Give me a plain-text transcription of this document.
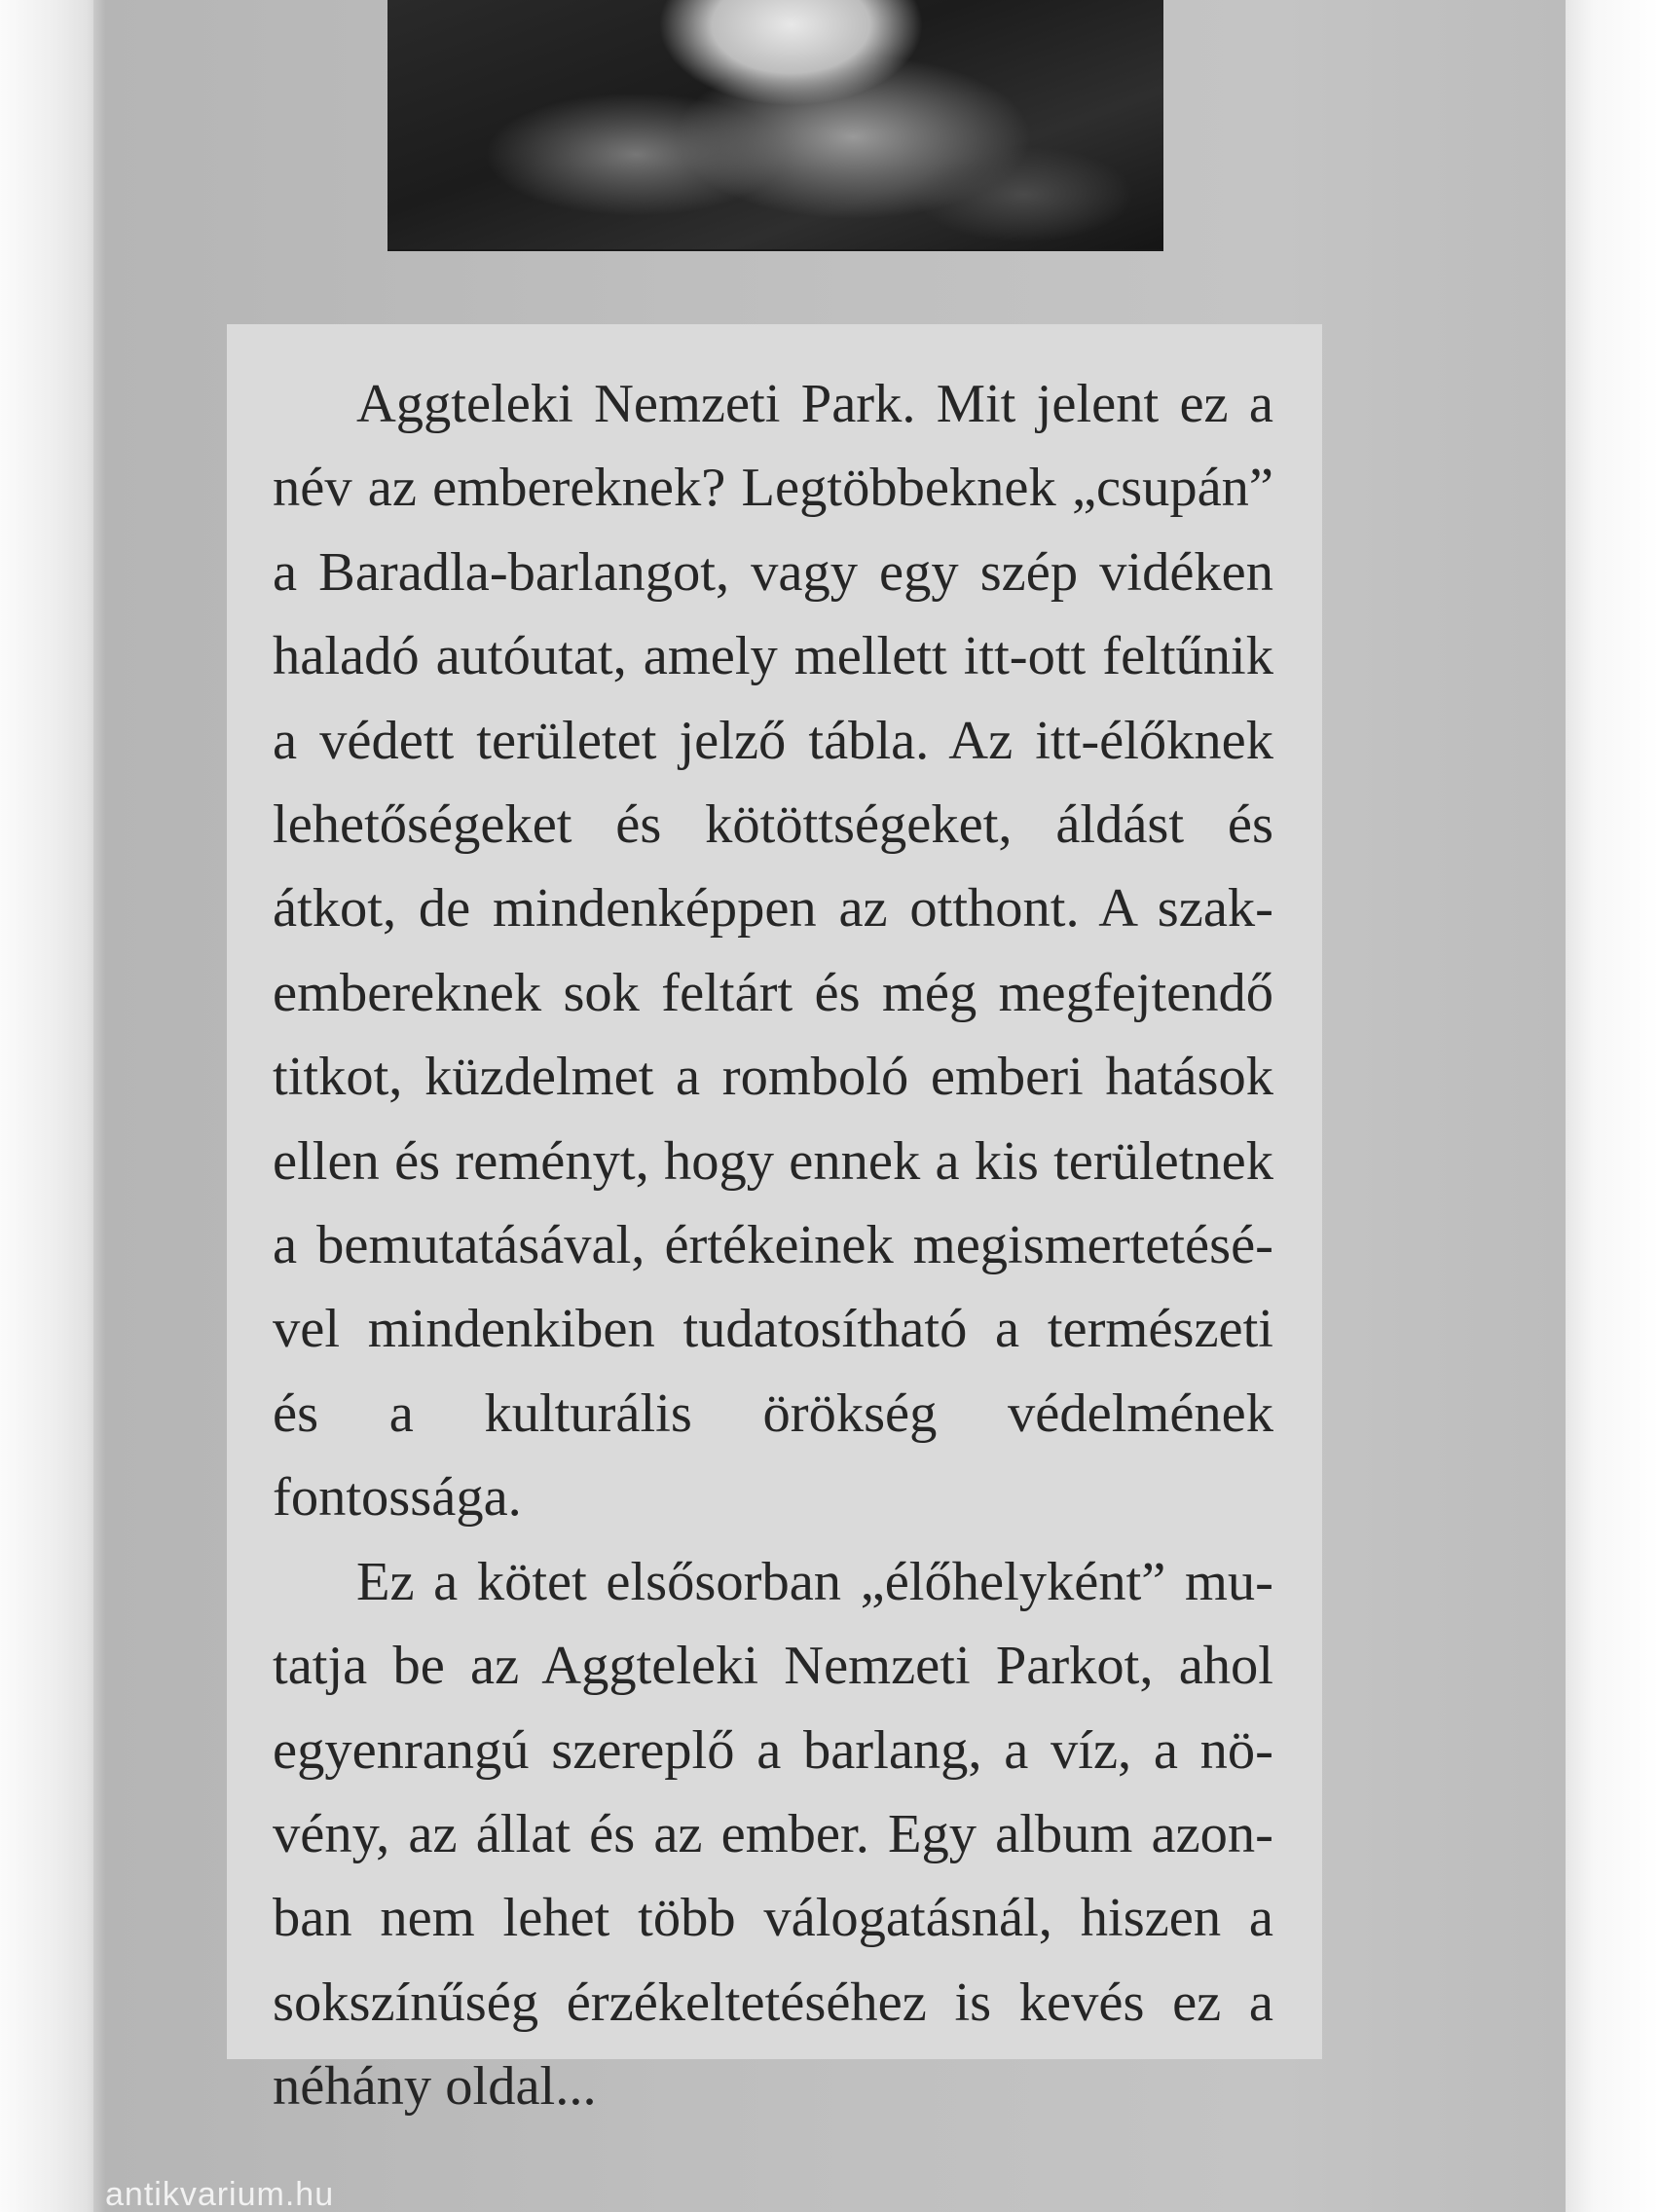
Aggteleki Nemzeti Park. Mit jelent ez a név az embereknek? Legtöbbeknek „csupán” a Baradla-barlangot, vagy egy szép vidéken haladó autóutat, amely mellett itt-ott feltűnik a védett területet jelző tábla. Az itt-élőknek lehetőségeket és kötöttségeket, áldást és átkot, de mindenképpen az otthont. A szakembereknek sok feltárt és még megfejtendő titkot, küzdelmet a romboló emberi hatások ellen és reményt, hogy ennek a kis területnek a bemutatásával, értékeinek megismertetésével mindenkiben tudatosítható a természeti és a kulturális örökség védelmének fontossága.

Ez a kötet elsősorban „élőhelyként” mutatja be az Aggteleki Nemzeti Parkot, ahol egyenrangú szereplő a barlang, a víz, a növény, az állat és az ember. Egy album azonban nem lehet több válogatásnál, hiszen a sokszínűség érzékeltetéséhez is kevés ez a néhány oldal...

antikvarium.hu
